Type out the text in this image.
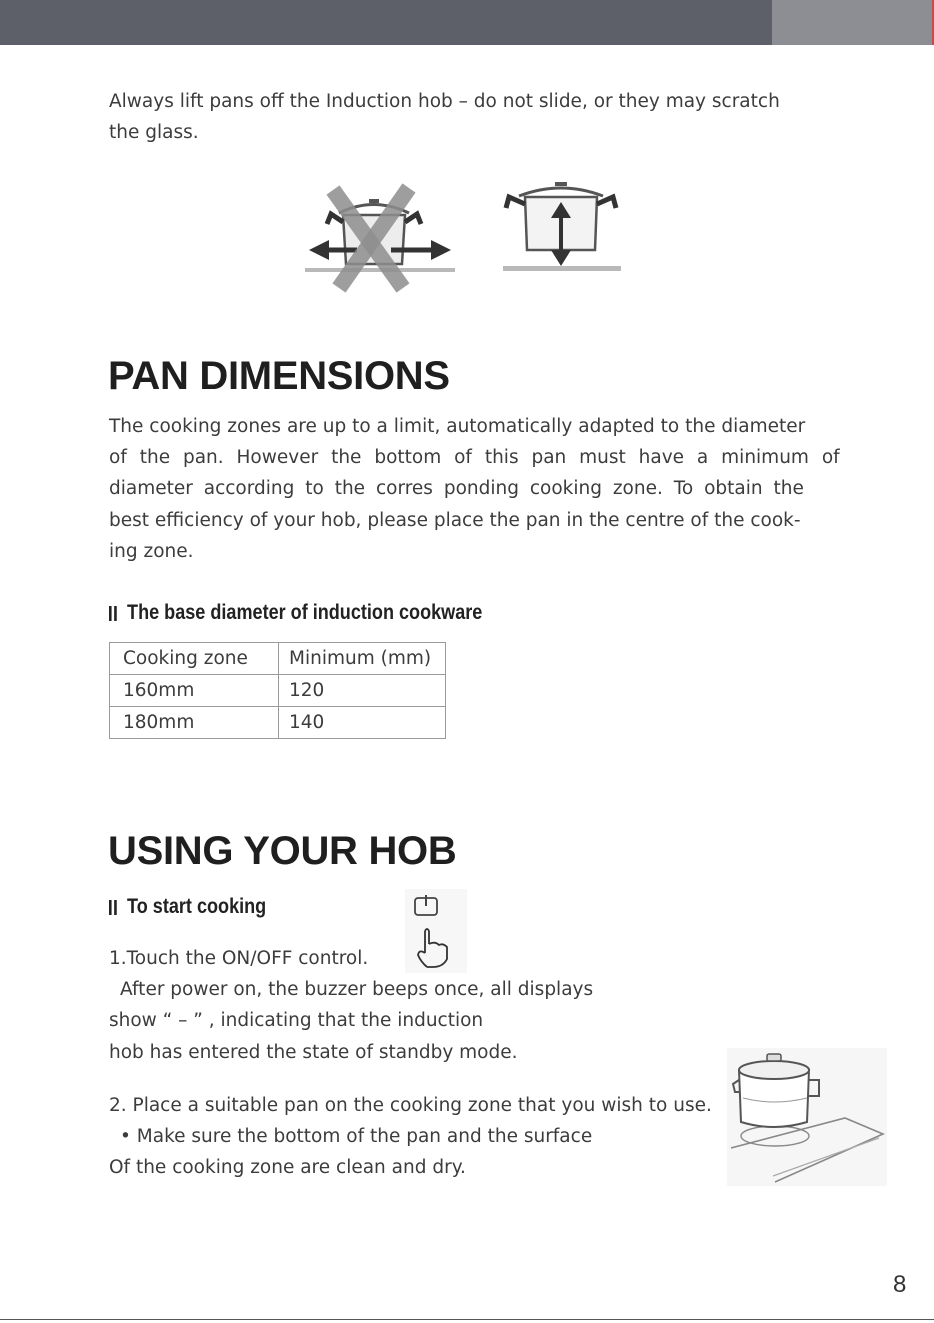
Always lift pans off the Induction hob – do not slide, or they may scratch
the glass.

PAN DIMENSIONS
The cooking zones are up to a limit, automatically adapted to the diameter
of the pan. However the bottom of this pan must have a minimum of
diameter according to the corres ponding cooking zone. To obtain the
best efficiency of your hob, please place the pan in the centre of the cook-
ing zone.
The base diameter of induction cookware
Cooking zone	Minimum (mm)
160mm	120
180mm	140
USING YOUR HOB
To start cooking
1.Touch the ON/OFF control.
After power on, the buzzer beeps once, all displays
show “ – ” , indicating that the induction
hob has entered the state of standby mode.
2. Place a suitable pan on the cooking zone that you wish to use.
• Make sure the bottom of the pan and the surface
Of the cooking zone are clean and dry.
8
